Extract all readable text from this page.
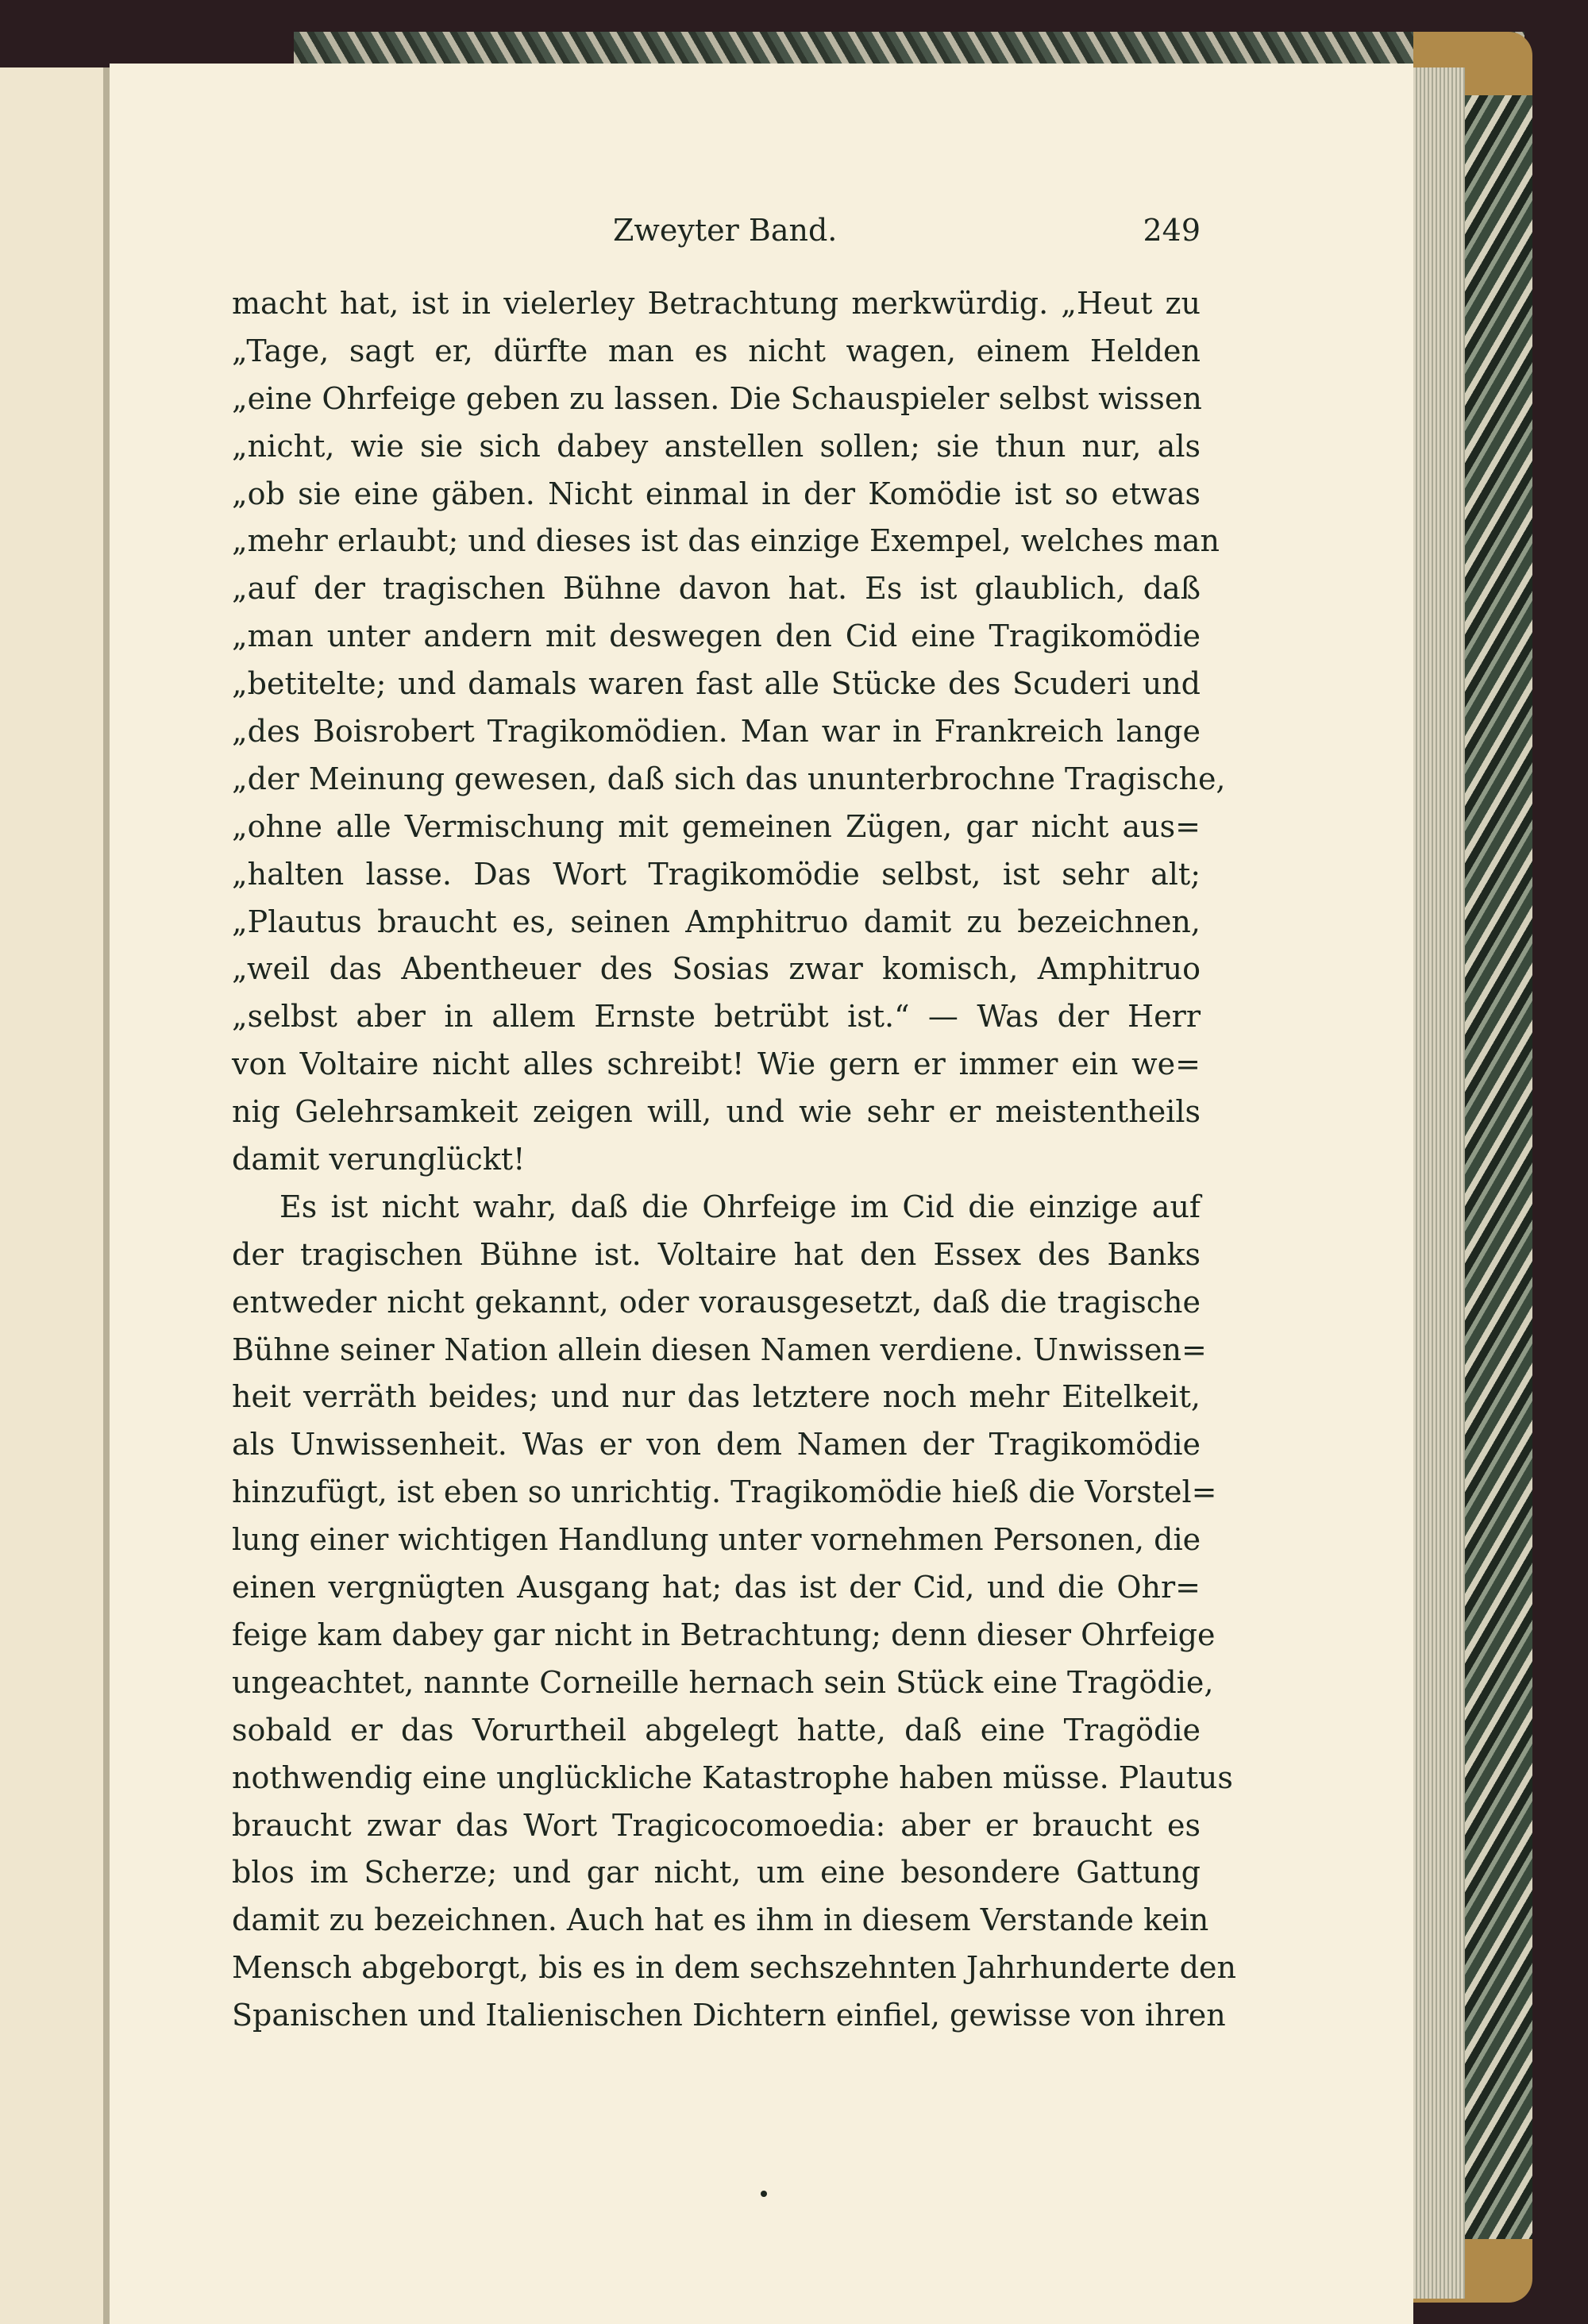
Zweyter Band.	249
macht hat, ist in vielerley Betrachtung merkwürdig. „Heut zu
„Tage, sagt er, dürfte man es nicht wagen, einem Helden
„eine Ohrfeige geben zu lassen. Die Schauspieler selbst wissen
„nicht, wie sie sich dabey anstellen sollen; sie thun nur, als
„ob sie eine gäben. Nicht einmal in der Komödie ist so etwas
„mehr erlaubt; und dieses ist das einzige Exempel, welches man
„auf der tragischen Bühne davon hat. Es ist glaublich, daß
„man unter andern mit deswegen den Cid eine Tragikomödie
„betitelte; und damals waren fast alle Stücke des Scuderi und
„des Boisrobert Tragikomödien. Man war in Frankreich lange
„der Meinung gewesen, daß sich das ununterbrochne Tragische,
„ohne alle Vermischung mit gemeinen Zügen, gar nicht aus=
„halten lasse. Das Wort Tragikomödie selbst, ist sehr alt;
„Plautus braucht es, seinen Amphitruo damit zu bezeichnen,
„weil das Abentheuer des Sosias zwar komisch, Amphitruo
„selbst aber in allem Ernste betrübt ist.“ — Was der Herr
von Voltaire nicht alles schreibt! Wie gern er immer ein we=
nig Gelehrsamkeit zeigen will, und wie sehr er meistentheils
damit verunglückt!
Es ist nicht wahr, daß die Ohrfeige im Cid die einzige auf
der tragischen Bühne ist. Voltaire hat den Essex des Banks
entweder nicht gekannt, oder vorausgesetzt, daß die tragische
Bühne seiner Nation allein diesen Namen verdiene. Unwissen=
heit verräth beides; und nur das letztere noch mehr Eitelkeit,
als Unwissenheit. Was er von dem Namen der Tragikomödie
hinzufügt, ist eben so unrichtig. Tragikomödie hieß die Vorstel=
lung einer wichtigen Handlung unter vornehmen Personen, die
einen vergnügten Ausgang hat; das ist der Cid, und die Ohr=
feige kam dabey gar nicht in Betrachtung; denn dieser Ohrfeige
ungeachtet, nannte Corneille hernach sein Stück eine Tragödie,
sobald er das Vorurtheil abgelegt hatte, daß eine Tragödie
nothwendig eine unglückliche Katastrophe haben müsse. Plautus
braucht zwar das Wort Tragicocomoedia: aber er braucht es
blos im Scherze; und gar nicht, um eine besondere Gattung
damit zu bezeichnen. Auch hat es ihm in diesem Verstande kein
Mensch abgeborgt, bis es in dem sechszehnten Jahrhunderte den
Spanischen und Italienischen Dichtern einfiel, gewisse von ihren
